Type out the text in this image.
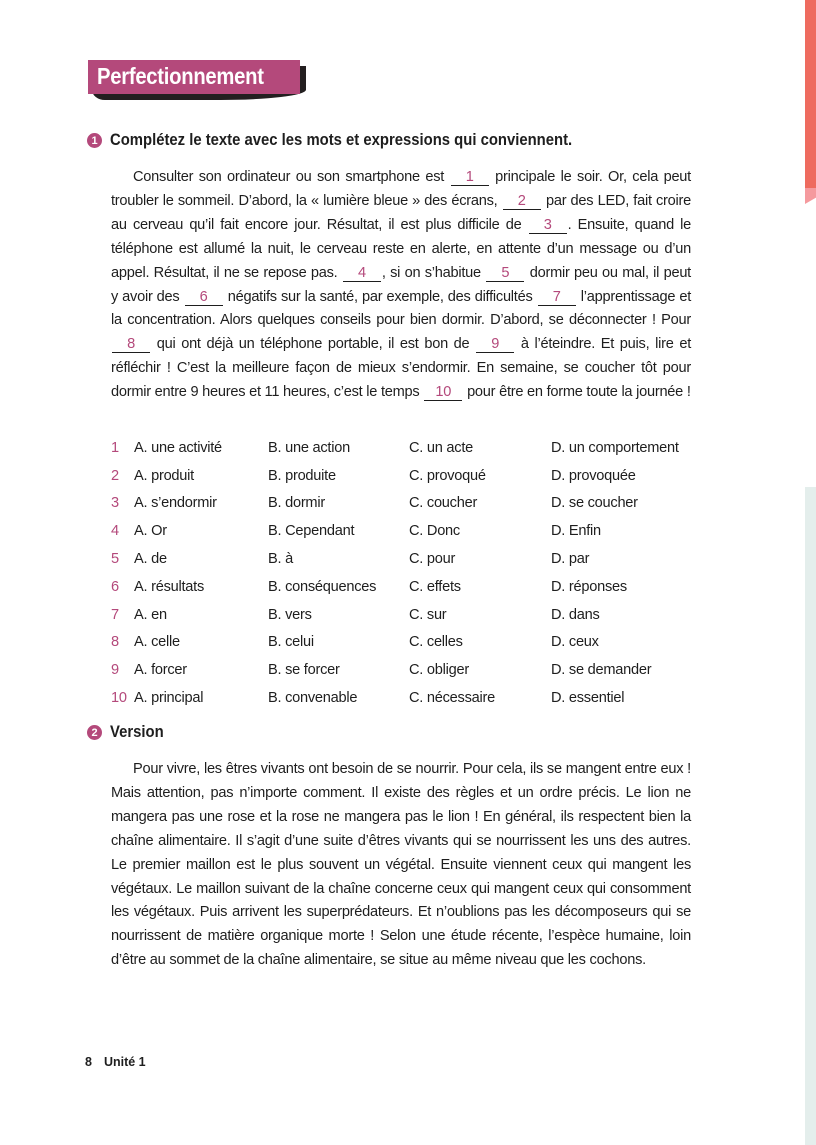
Perfectionnement
1 Complétez le texte avec les mots et expressions qui conviennent.
Consulter son ordinateur ou son smartphone est 1 principale le soir. Or, cela peut troubler le sommeil. D’abord, la « lumière bleue » des écrans, 2 par des LED, fait croire au cerveau qu’il fait encore jour. Résultat, il est plus difficile de 3 . Ensuite, quand le téléphone est allumé la nuit, le cerveau reste en alerte, en attente d’un message ou d’un appel. Résultat, il ne se repose pas. 4 , si on s’habitue 5 dormir peu ou mal, il peut y avoir des 6 négatifs sur la santé, par exemple, des difficultés 7 l’apprentissage et la concentration. Alors quelques conseils pour bien dormir. D’abord, se déconnecter ! Pour 8 qui ont déjà un téléphone portable, il est bon de 9 à l’éteindre. Et puis, lire et réfléchir ! C’est la meilleure façon de mieux s’endormir. En semaine, se coucher tôt pour dormir entre 9 heures et 11 heures, c’est le temps 10 pour être en forme toute la journée !
1	A. une activité	B. une action	C. un acte	D. un comportement
2	A. produit	B. produite	C. provoqué	D. provoquée
3	A. s’endormir	B. dormir	C. coucher	D. se coucher
4	A. Or	B. Cependant	C. Donc	D. Enfin
5	A. de	B. à	C. pour	D. par
6	A. résultats	B. conséquences	C. effets	D. réponses
7	A. en	B. vers	C. sur	D. dans
8	A. celle	B. celui	C. celles	D. ceux
9	A. forcer	B. se forcer	C. obliger	D. se demander
10 A. principal	B. convenable	C. nécessaire	D. essentiel
2 Version
Pour vivre, les êtres vivants ont besoin de se nourrir. Pour cela, ils se mangent entre eux ! Mais attention, pas n’importe comment. Il existe des règles et un ordre précis. Le lion ne mangera pas une rose et la rose ne mangera pas le lion ! En général, ils respectent bien la chaîne alimentaire. Il s’agit d’une suite d’êtres vivants qui se nourrissent les uns des autres. Le premier maillon est le plus souvent un végétal. Ensuite viennent ceux qui mangent les végétaux. Le maillon suivant de la chaîne concerne ceux qui mangent ceux qui consomment les végétaux. Puis arrivent les superprédateurs. Et n’oublions pas les décomposeurs qui se nourrissent de matière organique morte ! Selon une étude récente, l’espèce humaine, loin d’être au sommet de la chaîne alimentaire, se situe au même niveau que les cochons.
8 Unité 1
